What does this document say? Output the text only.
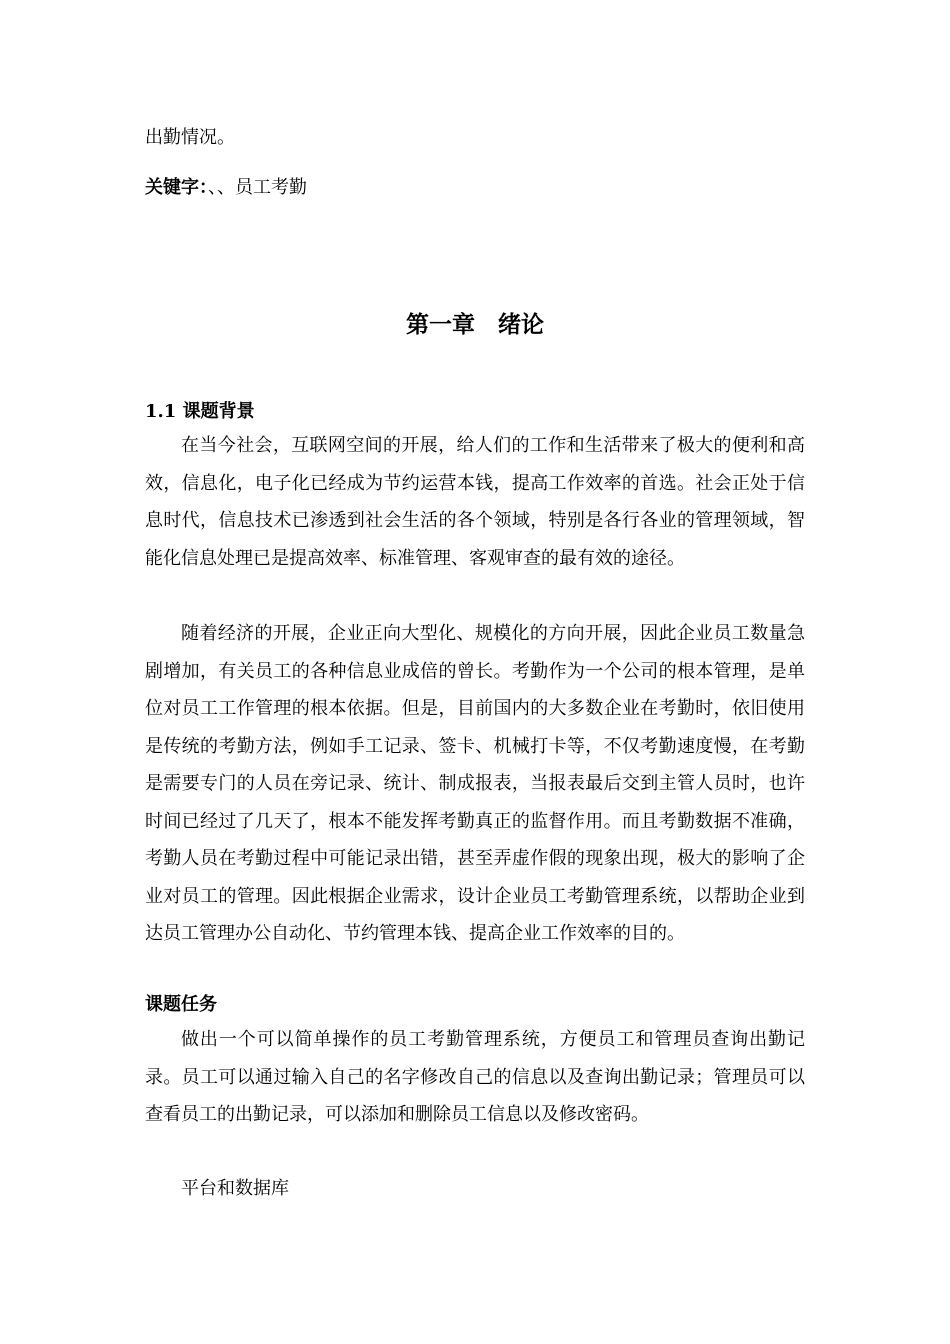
出勤情况。

关键字：、、员工考勤

第一章　绪论

1.1 课题背景

在当今社会，互联网空间的开展，给人们的工作和生活带来了极大的便利和高效，信息化，电子化已经成为节约运营本钱，提高工作效率的首选。社会正处于信息时代，信息技术已渗透到社会生活的各个领域，特别是各行各业的管理领域，智能化信息处理已是提高效率、标准管理、客观审查的最有效的途径。

随着经济的开展，企业正向大型化、规模化的方向开展，因此企业员工数量急剧增加，有关员工的各种信息业成倍的曾长。考勤作为一个公司的根本管理，是单位对员工工作管理的根本依据。但是，目前国内的大多数企业在考勤时，依旧使用是传统的考勤方法，例如手工记录、签卡、机械打卡等，不仅考勤速度慢，在考勤是需要专门的人员在旁记录、统计、制成报表，当报表最后交到主管人员时，也许时间已经过了几天了，根本不能发挥考勤真正的监督作用。而且考勤数据不准确，考勤人员在考勤过程中可能记录出错，甚至弄虚作假的现象出现，极大的影响了企业对员工的管理。因此根据企业需求，设计企业员工考勤管理系统，以帮助企业到达员工管理办公自动化、节约管理本钱、提高企业工作效率的目的。

课题任务

做出一个可以简单操作的员工考勤管理系统，方便员工和管理员查询出勤记录。员工可以通过输入自己的名字修改自己的信息以及查询出勤记录；管理员可以查看员工的出勤记录，可以添加和删除员工信息以及修改密码。

平台和数据库
